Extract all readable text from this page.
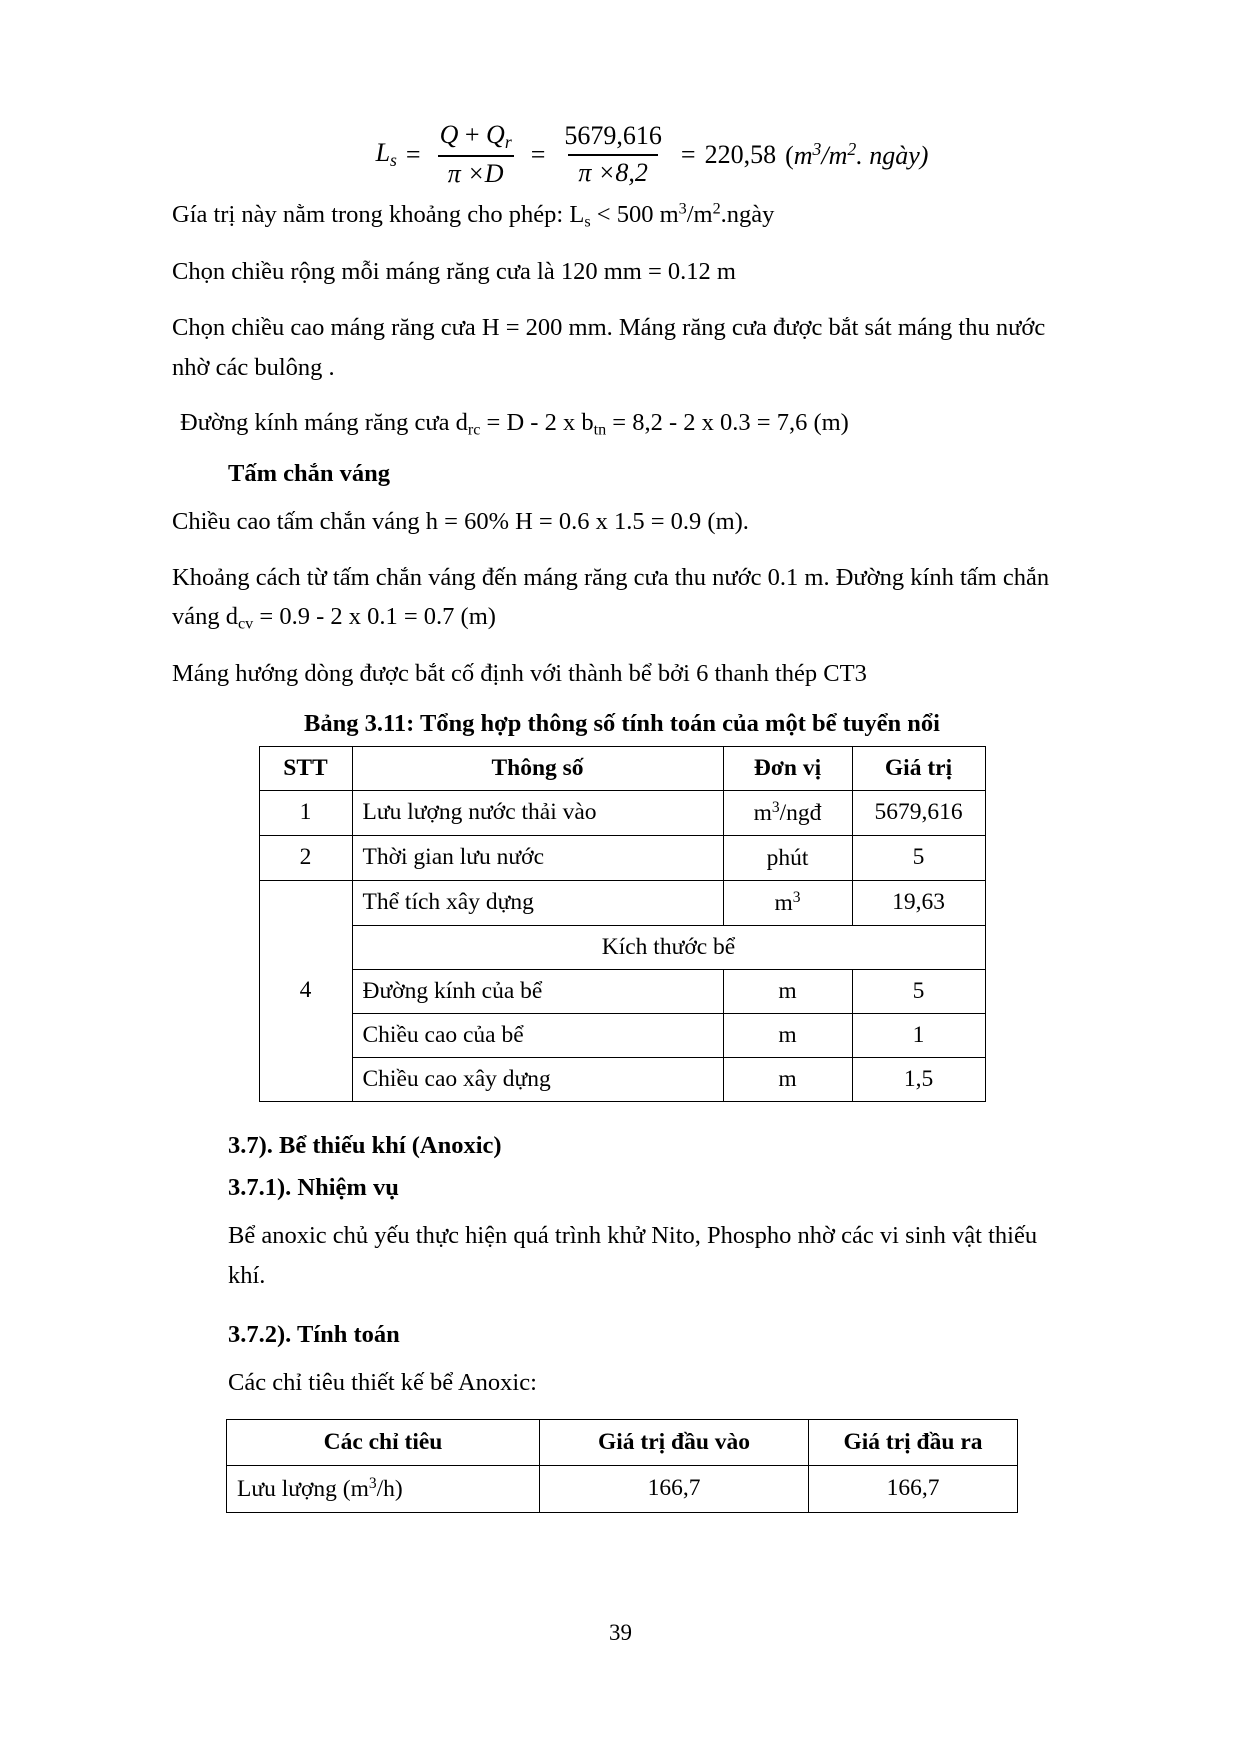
$L_s = \frac{Q + Q_r}{\pi \times D} = \frac{5679,616}{\pi \times 8,2} = 220,58$ ($m^3/m^2$. ngày)

Gía trị này nằm trong khoảng cho phép: $L_s < 500$ $m^3/m^2.ngày$

Chọn chiều rộng mỗi máng răng cưa là 120 mm = 0.12 m

Chọn chiều cao máng răng cưa H = 200 mm. Máng răng cưa được bắt sát máng thu nước nhờ các bulông .

Đường kính máng răng cưa $d_{rc} = D - 2$ x $b_{tn} = 8,2 - 2$ x 0.3 = 7,6 (m)

Tấm chắn váng

Chiều cao tấm chắn váng h = 60% H = 0.6 x 1.5 = 0.9 (m).

Khoảng cách từ tấm chắn váng đến máng răng cưa thu nước 0.1 m. Đường kính tấm chắn váng $d_{cv} = 0.9 - 2$ x 0.1 = 0.7 (m)

Máng hướng dòng được bắt cố định với thành bể bởi 6 thanh thép CT3

Bảng 3.11: Tổng hợp thông số tính toán của một bể tuyển nổi
STT	Thông số	Đơn vị	Giá trị
1	Lưu lượng nước thải vào	$m^3$/ngđ	5679,616
2	Thời gian lưu nước	phút	5
4	Thể tích xây dựng	$m^3$	19,63
	Kích thước bể		
	Đường kính của bể	m	5
	Chiều cao của bể	m	1
	Chiều cao xây dựng	m	1,5
3.7). Bể thiếu khí (Anoxic)
3.7.1). Nhiệm vụ

Bể anoxic chủ yếu thực hiện quá trình khử Nito, Phospho nhờ các vi sinh vật thiếu khí.

3.7.2). Tính toán

Các chỉ tiêu thiết kế bể Anoxic:

Các chỉ tiêu	Giá trị đầu vào	Giá trị đầu ra
Lưu lượng $(m^3/h)$	166,7	166,7
39
